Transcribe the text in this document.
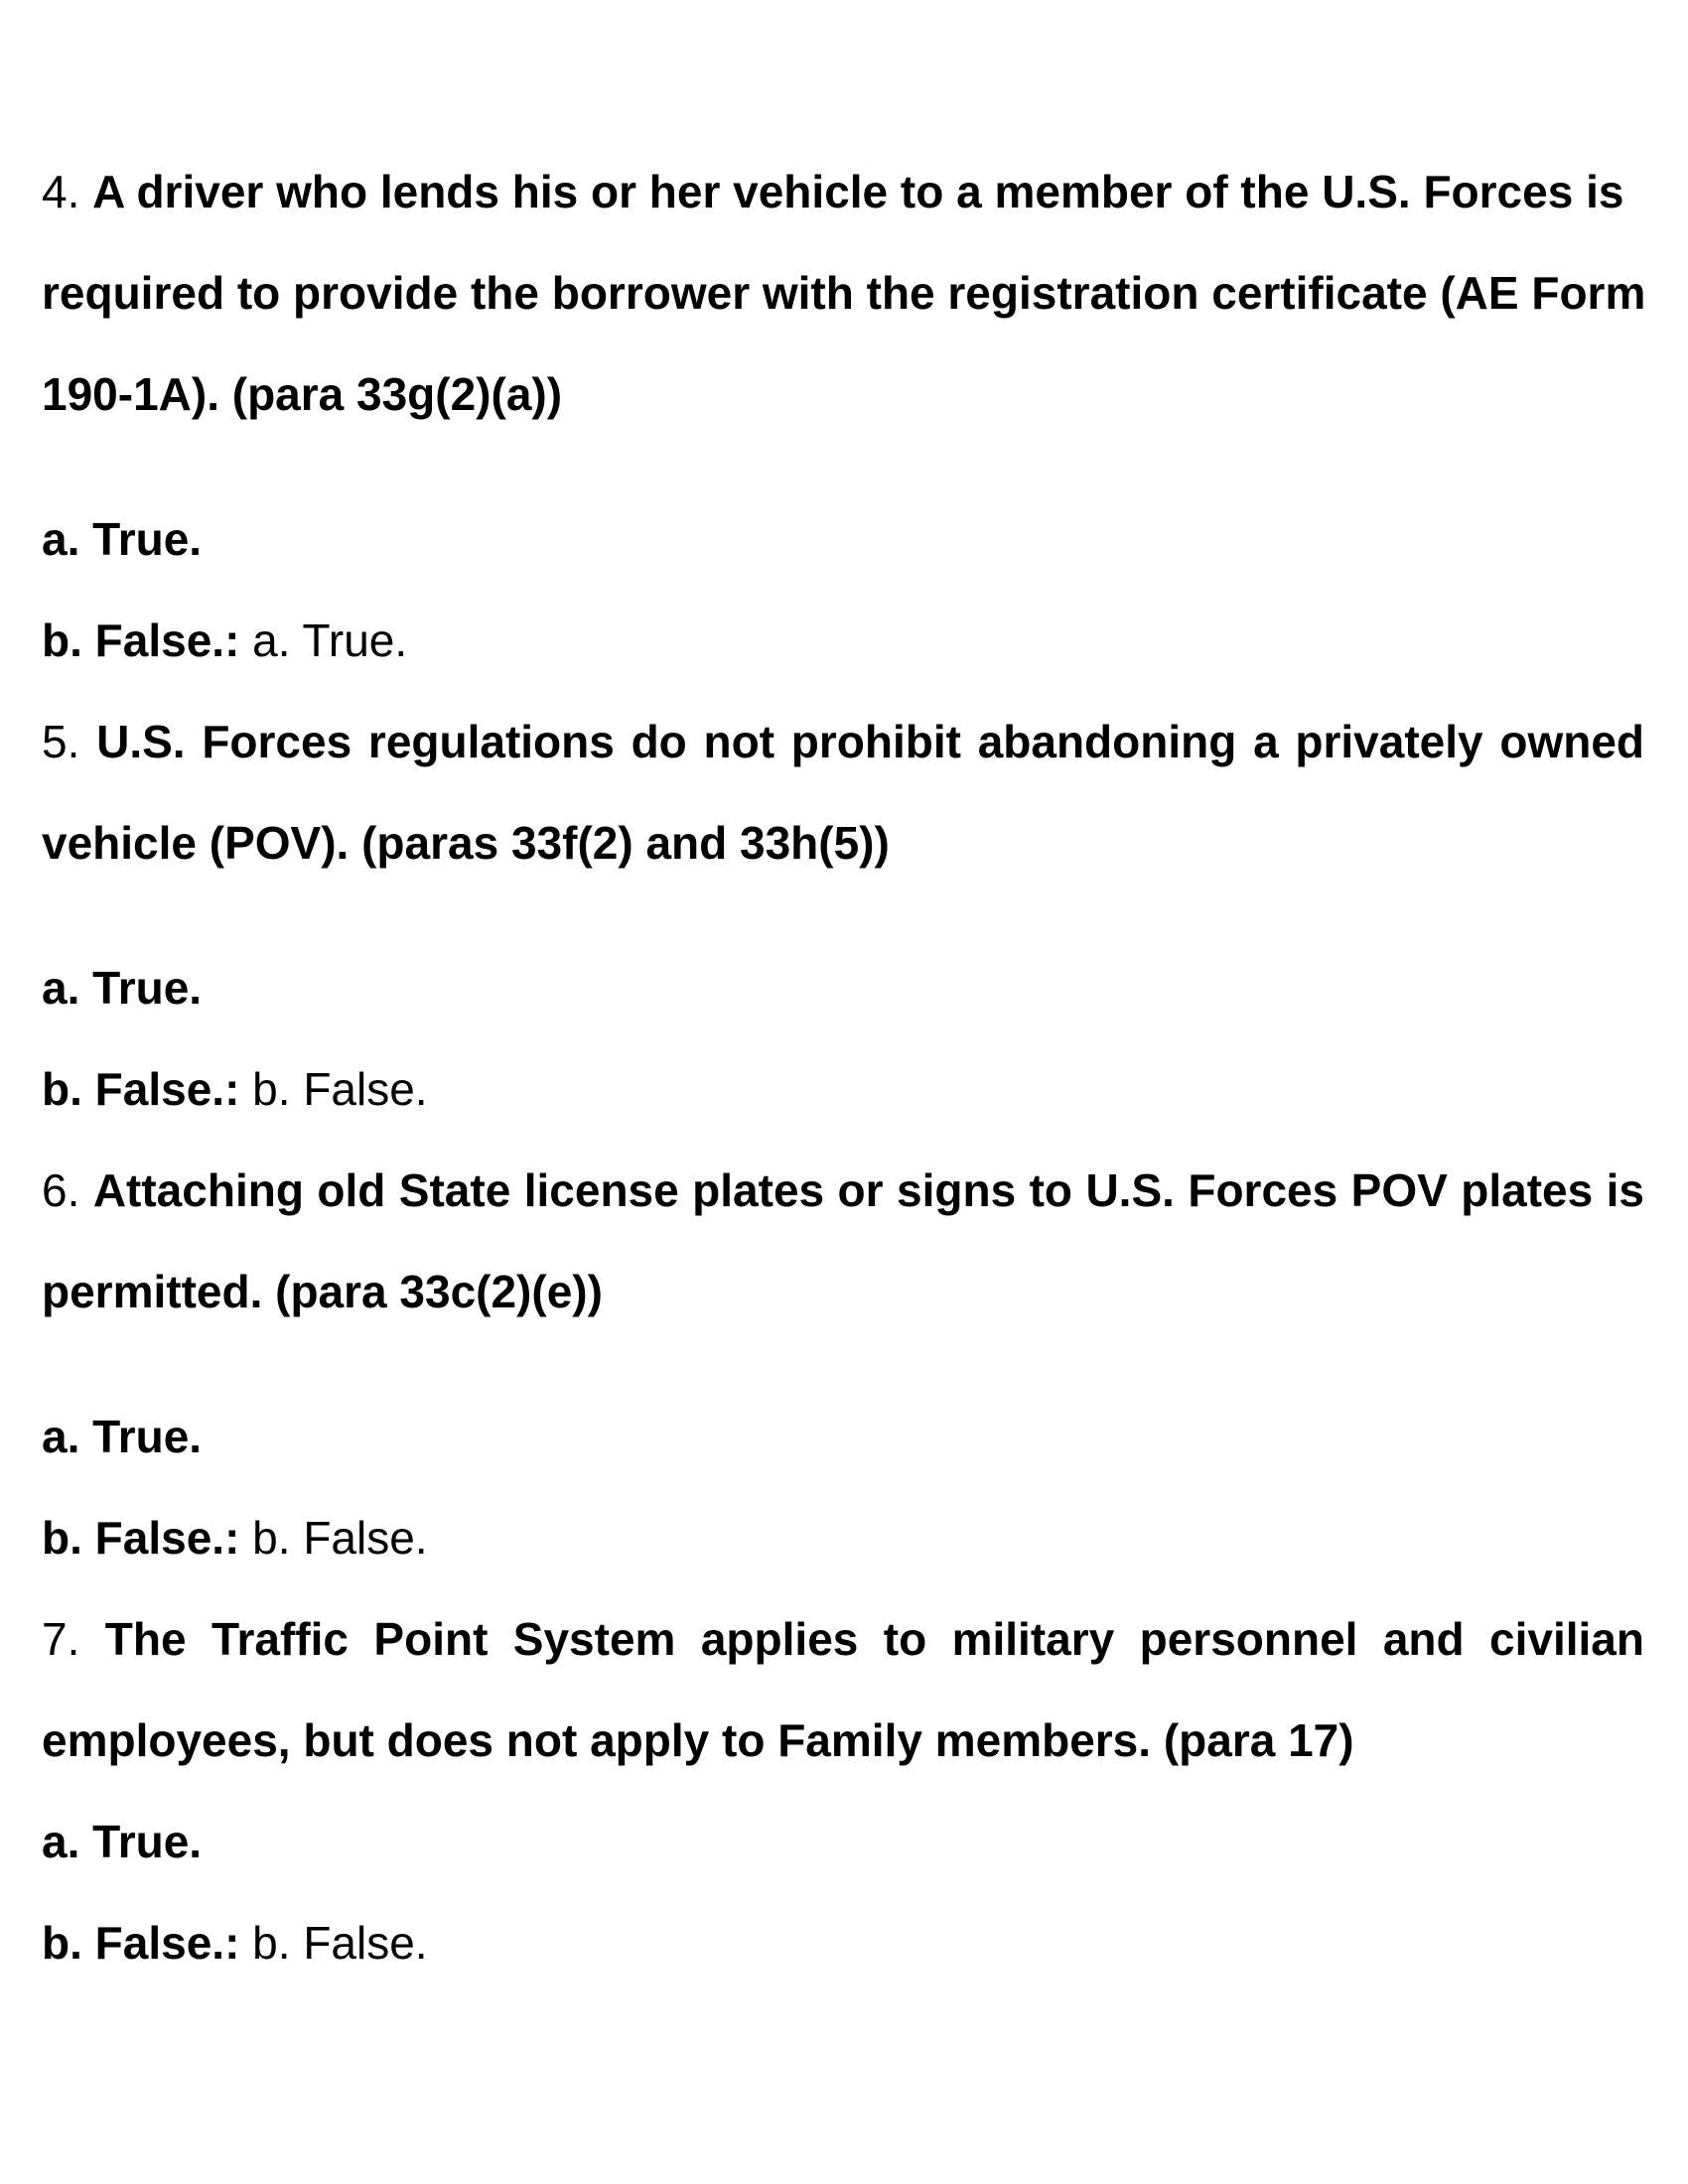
4. A driver who lends his or her vehicle to a member of the U.S. Forces is
required to provide the borrower with the registration certificate (AE Form
190-1A). (para 33g(2)(a))
a. True.
b. False.: a. True.
5. U.S. Forces regulations do not prohibit abandoning a privately owned
vehicle (POV). (paras 33f(2) and 33h(5))
a. True.
b. False.: b. False.
6. Attaching old State license plates or signs to U.S. Forces POV plates is
permitted. (para 33c(2)(e))
a. True.
b. False.: b. False.
7. The Traffic Point System applies to military personnel and civilian
employees, but does not apply to Family members. (para 17)
a. True.
b. False.: b. False.
